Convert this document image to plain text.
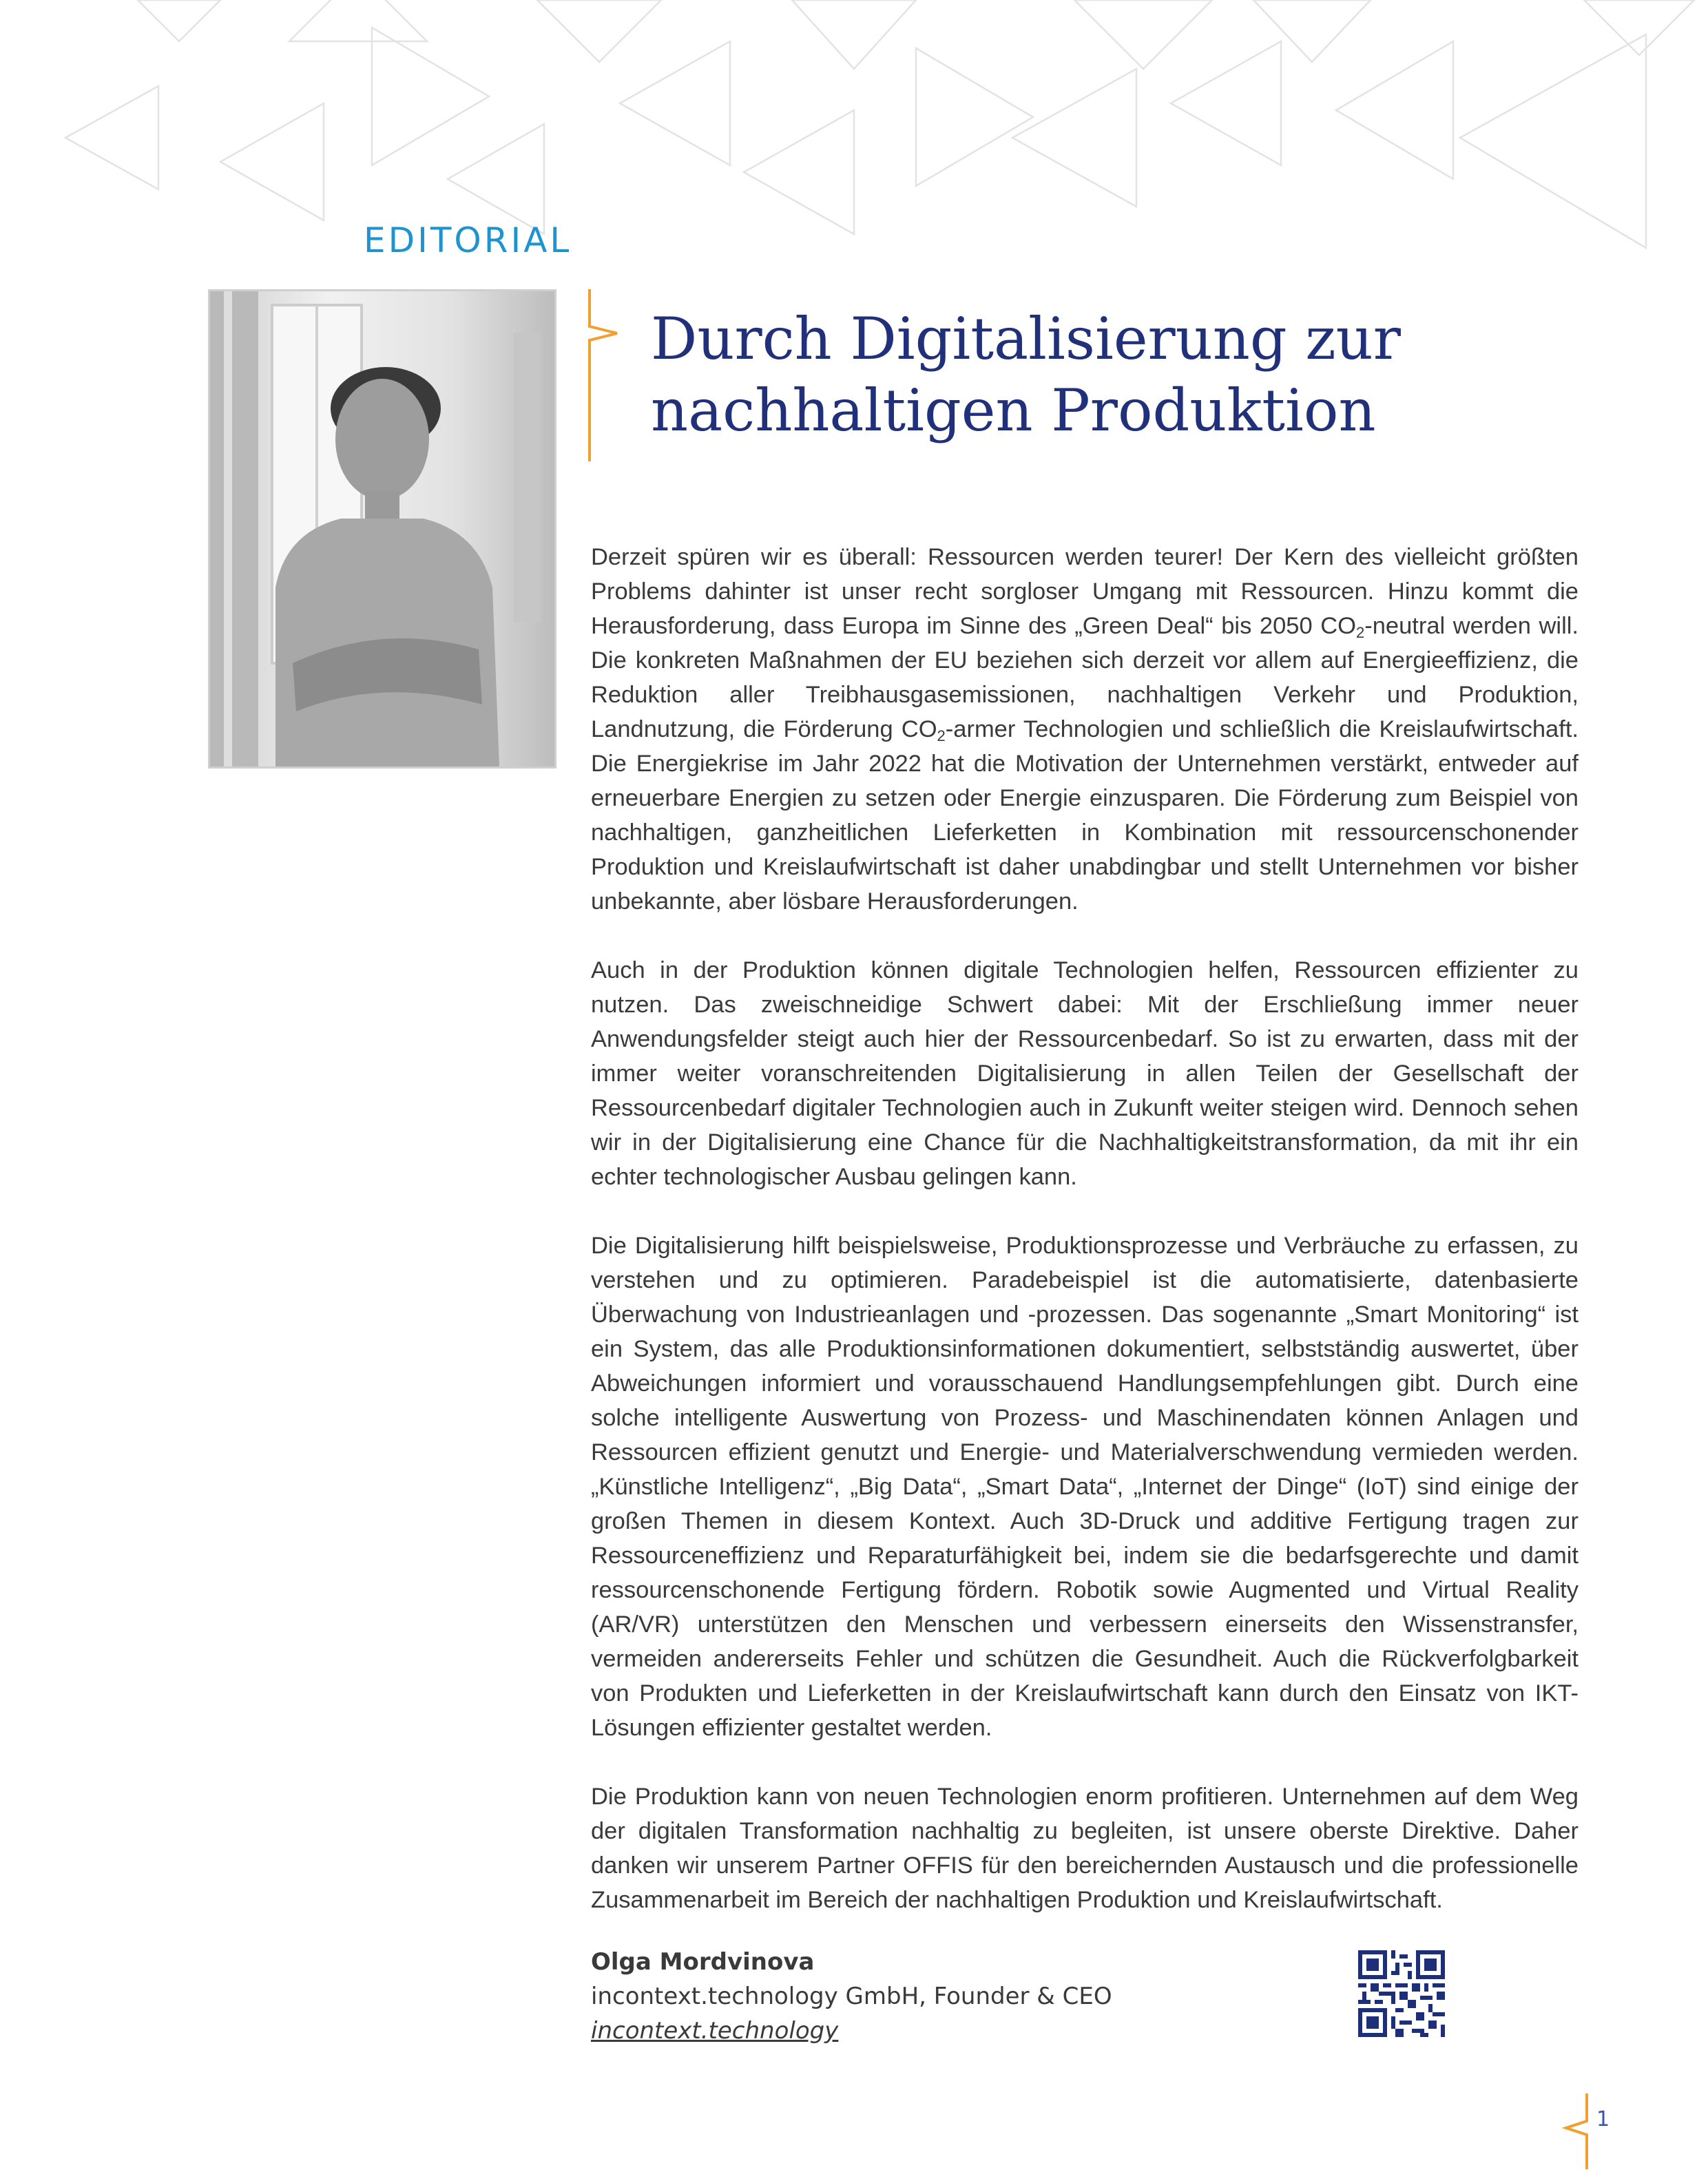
EDITORIAL
Durch Digitalisierung zur
nachhaltigen Produktion

Derzeit spüren wir es überall: Ressourcen werden teurer! Der Kern des vielleicht größten Problems dahinter ist unser recht sorgloser Umgang mit Ressourcen. Hinzu kommt die Herausforderung, dass Europa im Sinne des „Green Deal“ bis 2050 $CO_2$-neutral werden will. Die konkreten Maßnahmen der EU beziehen sich derzeit vor allem auf Energieeffizienz, die Reduktion aller Treibhausgasemissionen, nachhaltigen Verkehr und Produktion, Landnutzung, die Förderung $CO_2$-armer Technologien und schließlich die Kreislaufwirtschaft. Die Energiekrise im Jahr 2022 hat die Motivation der Unternehmen verstärkt, entweder auf erneuerbare Energien zu setzen oder Energie einzusparen. Die Förderung zum Beispiel von nachhaltigen, ganzheitlichen Lieferketten in Kombination mit ressourcenschonender Produktion und Kreislaufwirtschaft ist daher unabdingbar und stellt Unternehmen vor bisher unbekannte, aber lösbare Herausforderungen.

Auch in der Produktion können digitale Technologien helfen, Ressourcen effizienter zu nutzen. Das zweischneidige Schwert dabei: Mit der Erschließung immer neuer Anwendungsfelder steigt auch hier der Ressourcenbedarf. So ist zu erwarten, dass mit der immer weiter voranschreitenden Digitalisierung in allen Teilen der Gesellschaft der Ressourcenbedarf digitaler Technologien auch in Zukunft weiter steigen wird. Dennoch sehen wir in der Digitalisierung eine Chance für die Nachhaltigkeitstransformation, da mit ihr ein echter technologischer Ausbau gelingen kann.

Die Digitalisierung hilft beispielsweise, Produktionsprozesse und Verbräuche zu erfassen, zu verstehen und zu optimieren. Paradebeispiel ist die automatisierte, datenbasierte Überwachung von Industrieanlagen und -prozessen. Das sogenannte „Smart Monitoring“ ist ein System, das alle Produktionsinformationen dokumentiert, selbstständig auswertet, über Abweichungen informiert und vorausschauend Handlungsempfehlungen gibt. Durch eine solche intelligente Auswertung von Prozess- und Maschinendaten können Anlagen und Ressourcen effizient genutzt und Energie- und Materialverschwendung vermieden werden. „Künstliche Intelligenz“, „Big Data“, „Smart Data“, „Internet der Dinge“ (IoT) sind einige der großen Themen in diesem Kontext. Auch 3D-Druck und additive Fertigung tragen zur Ressourceneffizienz und Reparaturfähigkeit bei, indem sie die bedarfsgerechte und damit ressourcenschonende Fertigung fördern. Robotik sowie Augmented und Virtual Reality (AR/VR) unterstützen den Menschen und verbessern einerseits den Wissenstransfer, vermeiden andererseits Fehler und schützen die Gesundheit. Auch die Rückverfolgbarkeit von Produkten und Lieferketten in der Kreislaufwirtschaft kann durch den Einsatz von IKT-Lösungen effizienter gestaltet werden.

Die Produktion kann von neuen Technologien enorm profitieren. Unternehmen auf dem Weg der digitalen Transformation nachhaltig zu begleiten, ist unsere oberste Direktive. Daher danken wir unserem Partner OFFIS für den bereichernden Austausch und die professionelle Zusammenarbeit im Bereich der nachhaltigen Produktion und Kreislaufwirtschaft.

Olga Mordvinova
incontext.technology GmbH, Founder & CEO
incontext.technology
1
